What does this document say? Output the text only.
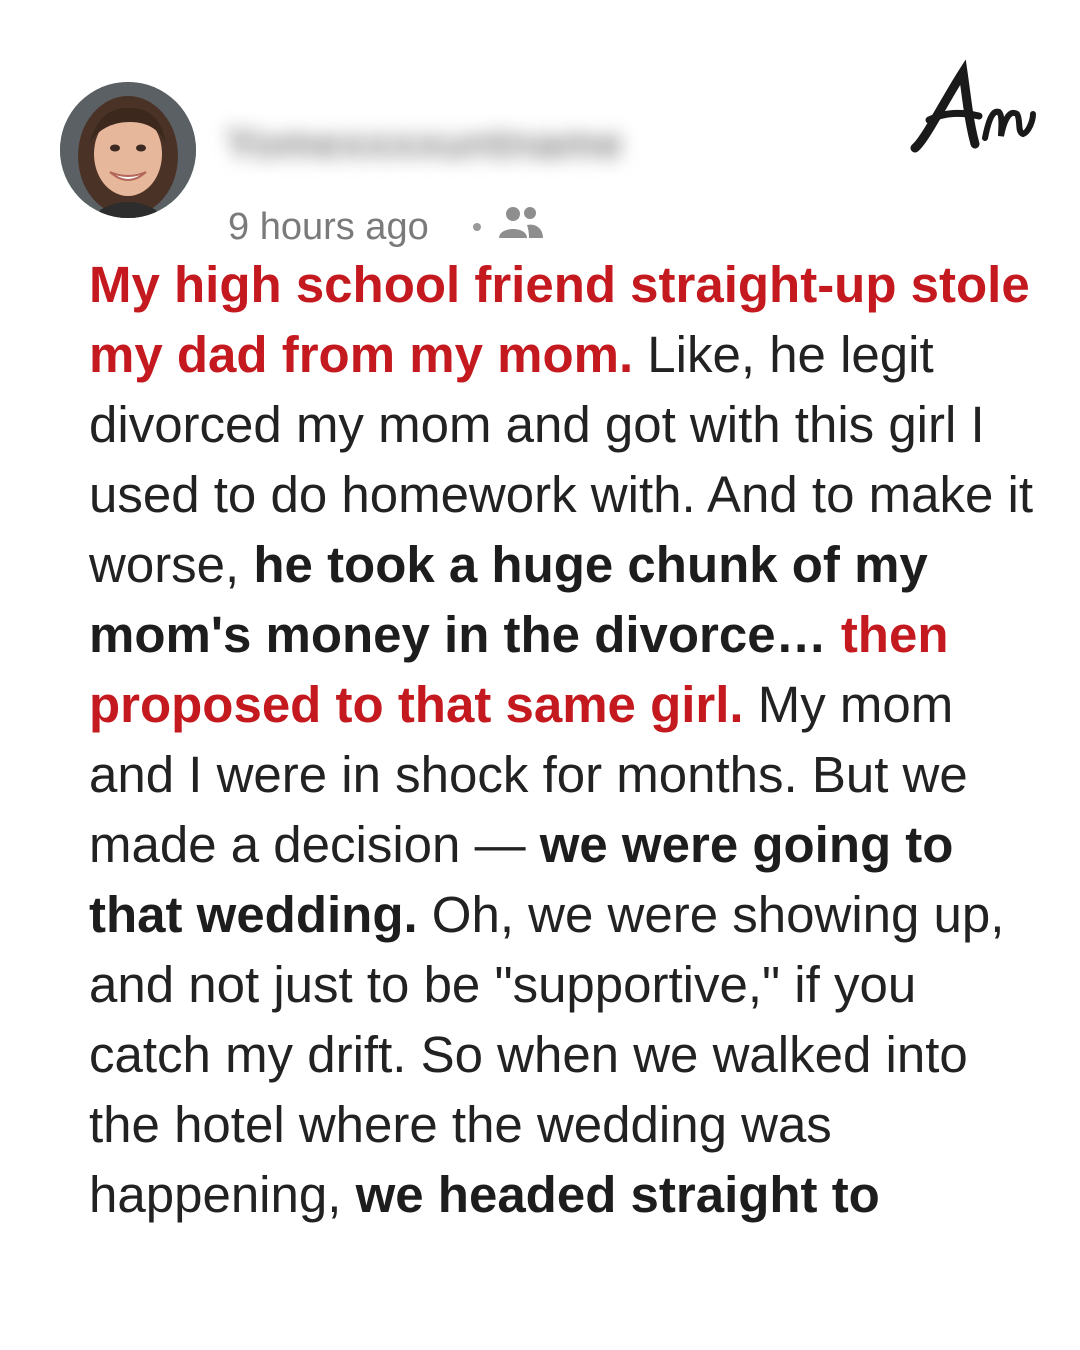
Yomexxxxuntname
9 hours ago

My high school friend straight-up stole my dad from my mom. Like, he legit divorced my mom and got with this girl I used to do homework with. And to make it worse, he took a huge chunk of my mom's money in the divorce… then proposed to that same girl. My mom and I were in shock for months. But we made a decision — we were going to that wedding. Oh, we were showing up, and not just to be "supportive," if you catch my drift. So when we walked into the hotel where the wedding was happening, we headed straight to
